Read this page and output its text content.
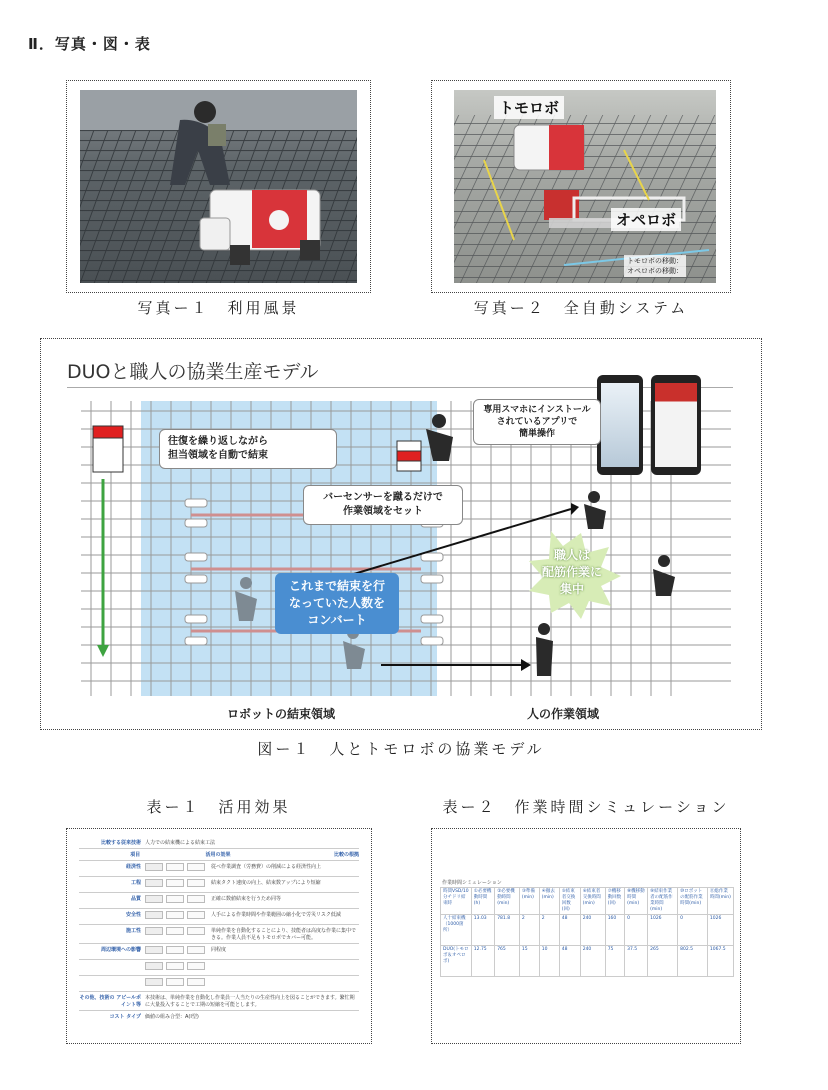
Ⅱ．写真・図・表
写真ー１　利用風景
トモロボ
オペロボ
トモロボの移動：
オペロボの移動：
写真ー２　全自動システム
DUOと職人の協業生産モデル
往復を繰り返しながら
担当領域を自動で結束
バーセンサーを蹴るだけで
作業領域をセット
専用スマホにインストール
されているアプリで
簡単操作
これまで結束を行
なっていた人数を
コンバート
職人は
配筋作業に
集中
ロボットの結束領域	人の作業領域
図ー１　人とトモロボの協業モデル
表ー１　活用効果	表ー２　作業時間シミュレーション
比較する従来技術 人力での結束機による結束工法
項目	活用の効果	比較の根拠
経済性	従べ作業調査（労務費）の削減による経済性向上
工程	結束タクト速度の向上、結束数アップにより短縮
品質	正確に数値結束を行うため同等
安全性	人手による作業時間や作業範囲の縮小化で労災リスク低減
施工性	単純作業を自動化することにより、技能者は高度な作業に集中できる。作業人員不足もトモロボでカバー可能。
周辺環境への影響	同程度
その他、技術の アピールポイント等
本技術は、単純作業を自動化し作業員一人当たりの生産性向上を図ることができます。繁忙期に大量投入することで工期の短縮を可能とします。
コスト タイプ 価値の組み合型：A(Ⅰ型)
作業時間シミュレーション
時間VSD/10分チドリ結束時	①必要機動時間(h)	②必要機動時間(min)	③準備(min)	④撤去(min)	⑤結束者交換回数(回)	⑥結束者交換時間(min)	⑦機移動回数(回)	⑧機移動時間(min)	⑨結束作業者の配筋作業時間(min)	⑩ロボットの配筋作業時間(min)	⑪総作業時間(min)
人十結束機（1000箇所）	13.03	781.8	2	2	48	240	160	0	1026	0	1026
DUO(トモロボ＆オペロボ)	12.75	765	15	10	48	240	75	37.5	265	802.5	1067.5
